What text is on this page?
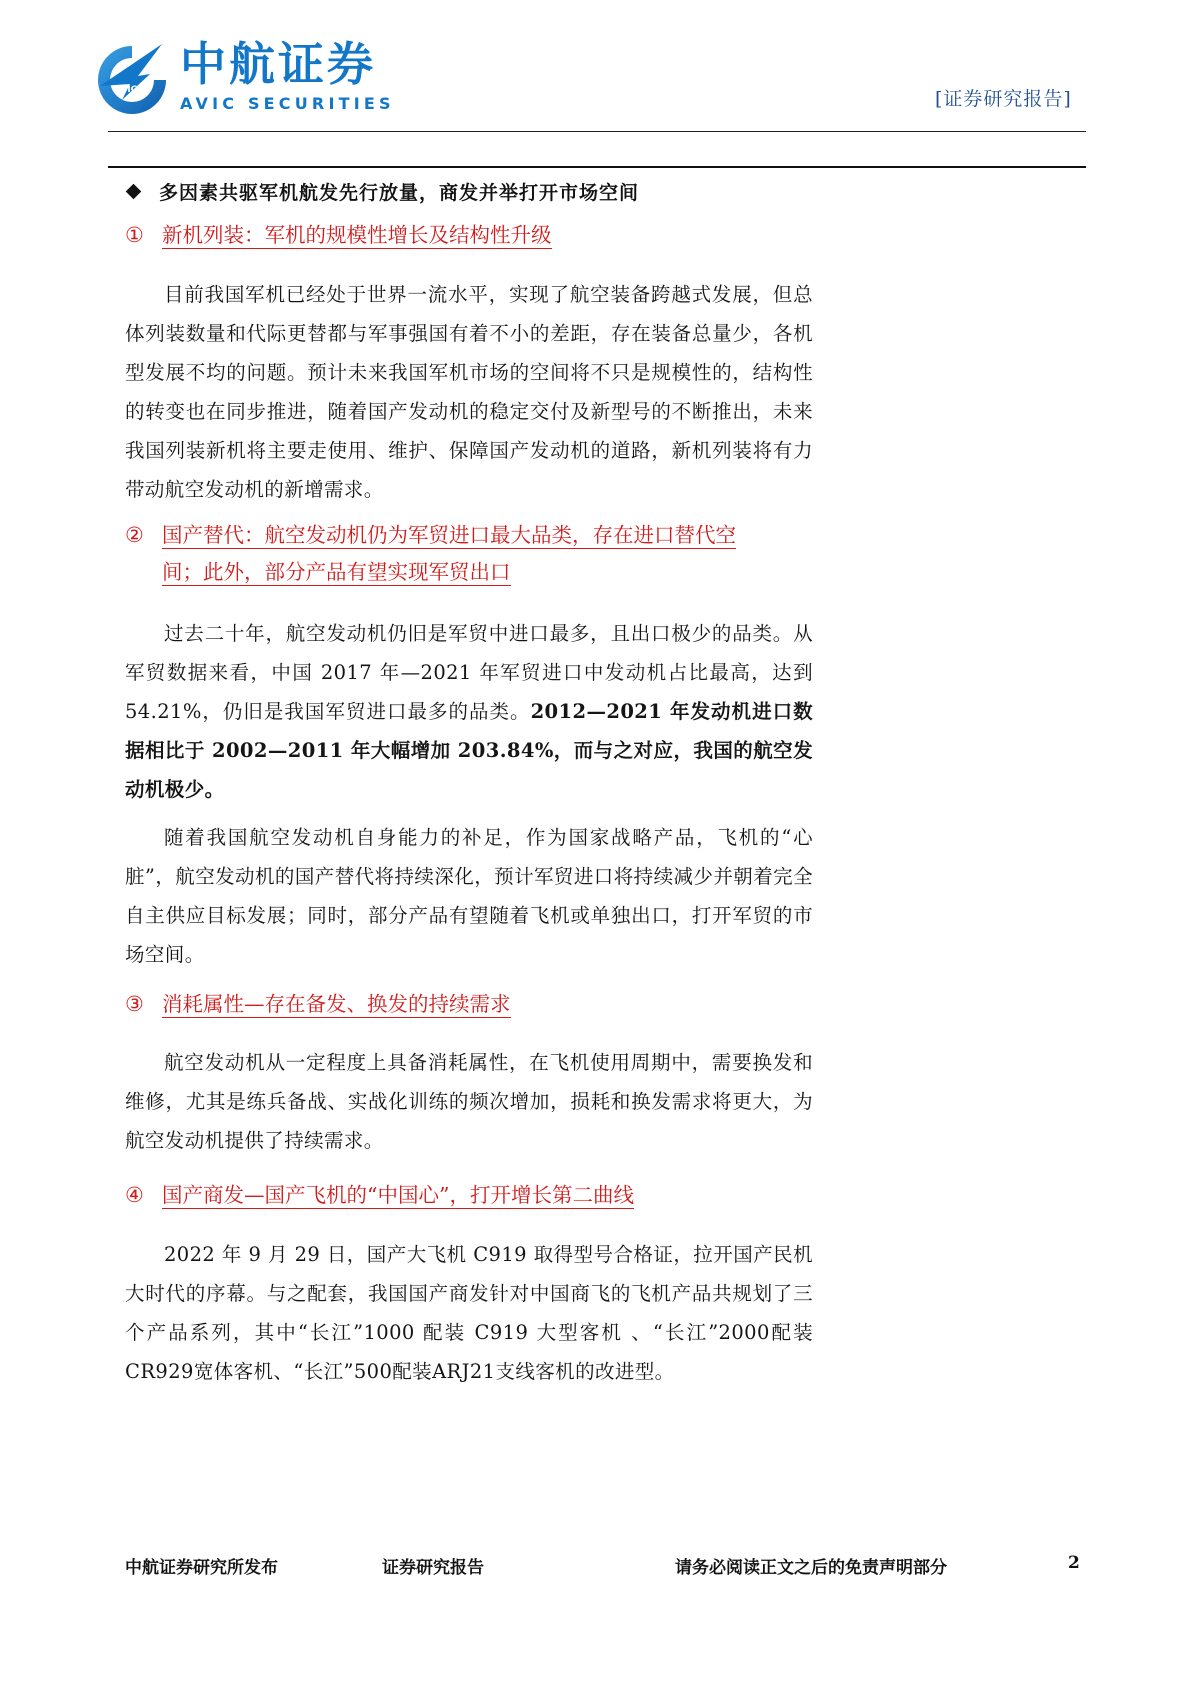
AVIC 中航证券
AVIC SECURITIES	[证券研究报告]
多因素共驱军机航发先行放量，商发并举打开市场空间
① 新机列装：军机的规模性增长及结构性升级
目前我国军机已经处于世界一流水平，实现了航空装备跨越式发展，但总体列装数量和代际更替都与军事强国有着不小的差距，存在装备总量少，各机型发展不均的问题。预计未来我国军机市场的空间将不只是规模性的，结构性的转变也在同步推进，随着国产发动机的稳定交付及新型号的不断推出，未来我国列装新机将主要走使用、维护、保障国产发动机的道路，新机列装将有力带动航空发动机的新增需求。
② 国产替代：航空发动机仍为军贸进口最大品类，存在进口替代空
间；此外，部分产品有望实现军贸出口
过去二十年，航空发动机仍旧是军贸中进口最多，且出口极少的品类。从军贸数据来看，中国 2017 年—2021 年军贸进口中发动机占比最高，达到 54.21%，仍旧是我国军贸进口最多的品类。2012—2021 年发动机进口数据相比于 2002—2011 年大幅增加 203.84%，而与之对应，我国的航空发动机极少。
随着我国航空发动机自身能力的补足，作为国家战略产品，飞机的“心脏”，航空发动机的国产替代将持续深化，预计军贸进口将持续减少并朝着完全自主供应目标发展；同时，部分产品有望随着飞机或单独出口，打开军贸的市场空间。
③ 消耗属性—存在备发、换发的持续需求
航空发动机从一定程度上具备消耗属性，在飞机使用周期中，需要换发和维修，尤其是练兵备战、实战化训练的频次增加，损耗和换发需求将更大，为航空发动机提供了持续需求。
④ 国产商发—国产飞机的“中国心”，打开增长第二曲线
2022 年 9 月 29 日，国产大飞机 C919 取得型号合格证，拉开国产民机大时代的序幕。与之配套，我国国产商发针对中国商飞的飞机产品共规划了三个产品系列，其中“长江”1000 配装 C919 大型客机 、“长江”2000配装CR929宽体客机、“长江”500配装ARJ21支线客机的改进型。
中航证券研究所发布	证券研究报告	请务必阅读正文之后的免责声明部分	2
